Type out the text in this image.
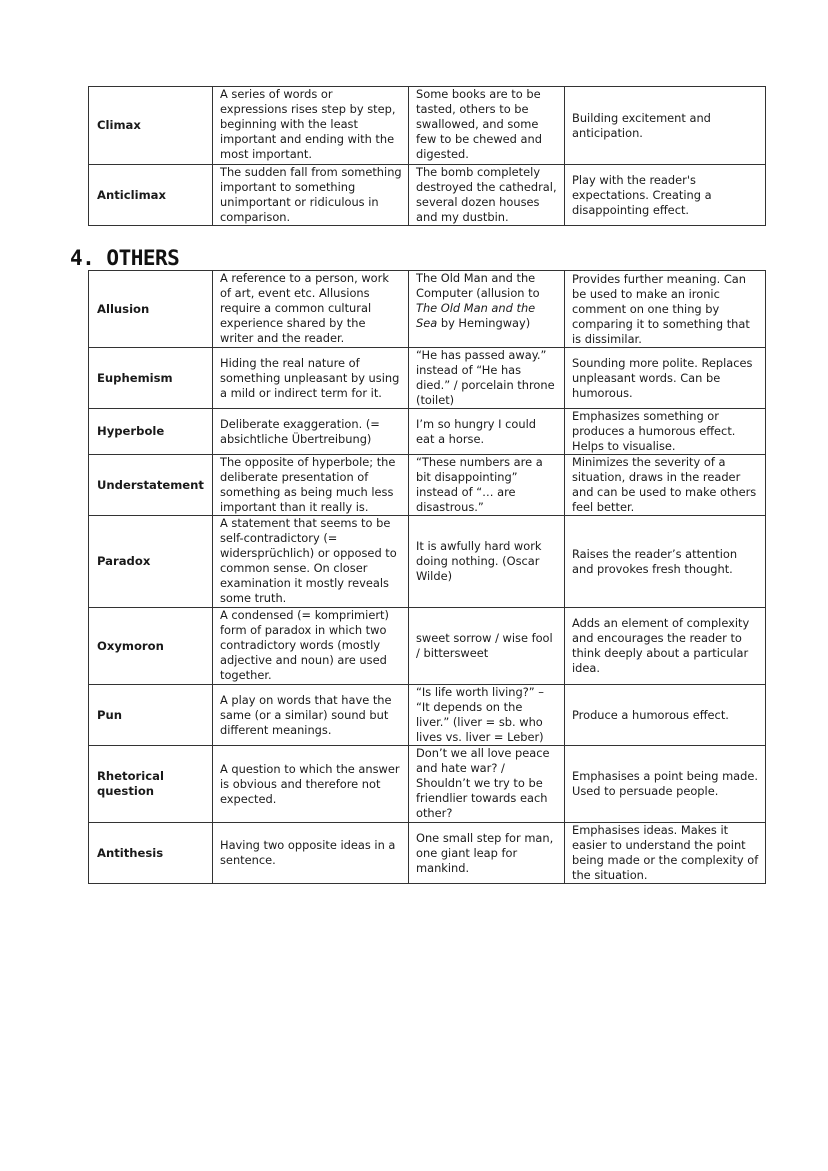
Climax	A series of words or expressions rises step by step, beginning with the least important and ending with the most important.	Some books are to be tasted, others to be swallowed, and some few to be chewed and digested.	Building excitement and anticipation.
Anticlimax	The sudden fall from something important to something unimportant or ridiculous in comparison.	The bomb completely destroyed the cathedral, several dozen houses and my dustbin.	Play with the reader's expectations. Creating a disappointing effect.
4. OTHERS
Allusion	A reference to a person, work of art, event etc. Allusions require a common cultural experience shared by the writer and the reader.	The Old Man and the Computer (allusion to The Old Man and the Sea by Hemingway)	Provides further meaning. Can be used to make an ironic comment on one thing by comparing it to something that is dissimilar.
Euphemism	Hiding the real nature of something unpleasant by using a mild or indirect term for it.	“He has passed away.” instead of “He has died.” / porcelain throne (toilet)	Sounding more polite. Replaces unpleasant words. Can be humorous.
Hyperbole	Deliberate exaggeration. (= absichtliche Übertreibung)	I’m so hungry I could eat a horse.	Emphasizes something or produces a humorous effect. Helps to visualise.
Understatement	The opposite of hyperbole; the deliberate presentation of something as being much less important than it really is.	“These numbers are a bit disappointing” instead of “… are disastrous.”	Minimizes the severity of a situation, draws in the reader and can be used to make others feel better.
Paradox	A statement that seems to be self-contradictory (= widersprüchlich) or opposed to common sense. On closer examination it mostly reveals some truth.	It is awfully hard work doing nothing. (Oscar Wilde)	Raises the reader’s attention and provokes fresh thought.
Oxymoron	A condensed (= komprimiert) form of paradox in which two contradictory words (mostly adjective and noun) are used together.	sweet sorrow / wise fool / bittersweet	Adds an element of complexity and encourages the reader to think deeply about a particular idea.
Pun	A play on words that have the same (or a similar) sound but different meanings.	“Is life worth living?” – “It depends on the liver.” (liver = sb. who lives vs. liver = Leber)	Produce a humorous effect.
Rhetorical question	A question to which the answer is obvious and therefore not expected.	Don’t we all love peace and hate war? / Shouldn’t we try to be friendlier towards each other?	Emphasises a point being made. Used to persuade people.
Antithesis	Having two opposite ideas in a sentence.	One small step for man, one giant leap for mankind.	Emphasises ideas. Makes it easier to understand the point being made or the complexity of the situation.
